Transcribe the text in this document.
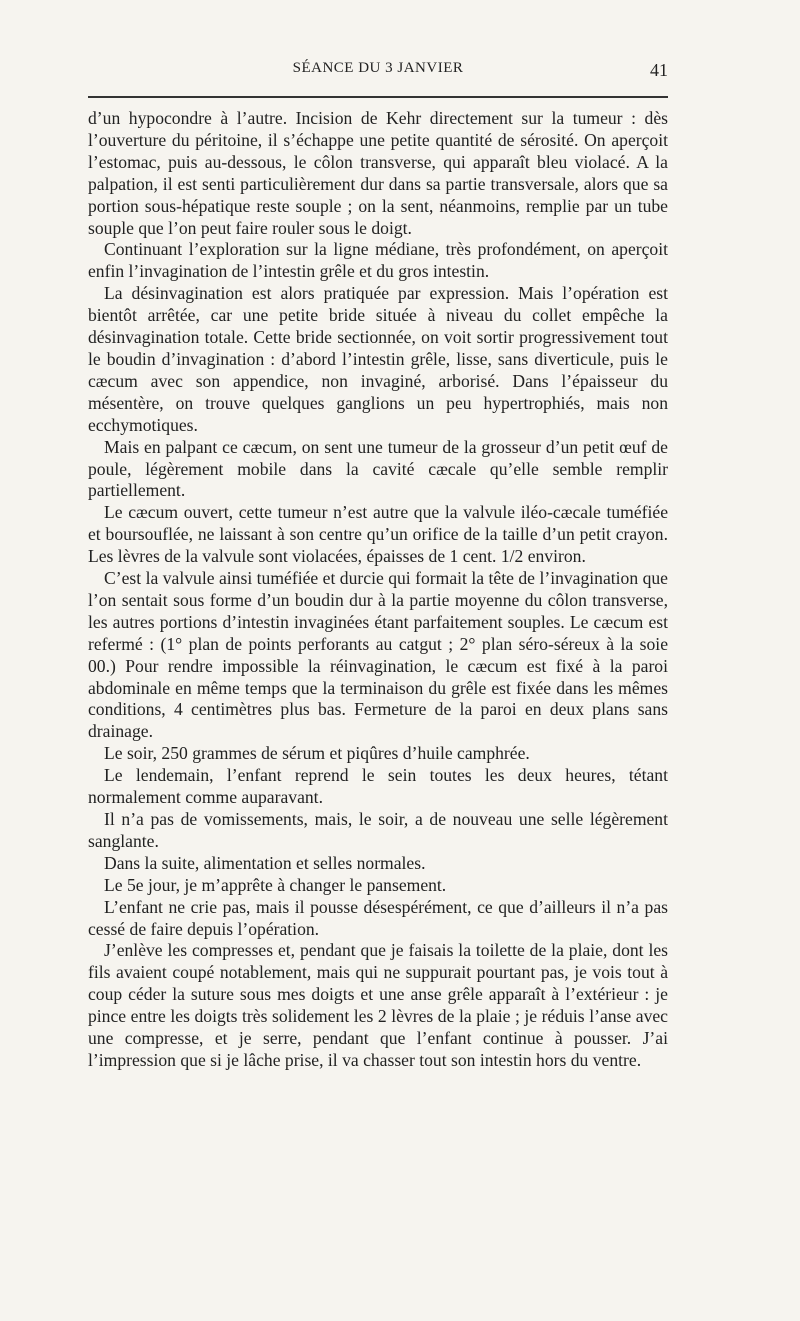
SÉANCE DU 3 JANVIER	41

d’un hypocondre à l’autre. Incision de Kehr directement sur la tumeur : dès l’ouverture du péritoine, il s’échappe une petite quantité de sérosité. On aperçoit l’estomac, puis au-dessous, le côlon transverse, qui apparaît bleu violacé. A la palpation, il est senti particulièrement dur dans sa partie transversale, alors que sa portion sous-hépatique reste souple ; on la sent, néanmoins, remplie par un tube souple que l’on peut faire rouler sous le doigt.

Continuant l’exploration sur la ligne médiane, très profondément, on aperçoit enfin l’invagination de l’intestin grêle et du gros intestin.

La désinvagination est alors pratiquée par expression. Mais l’opération est bientôt arrêtée, car une petite bride située à niveau du collet empêche la désinvagination totale. Cette bride sectionnée, on voit sortir progressivement tout le boudin d’invagination : d’abord l’intestin grêle, lisse, sans diverticule, puis le cæcum avec son appendice, non invaginé, arborisé. Dans l’épaisseur du mésentère, on trouve quelques ganglions un peu hypertrophiés, mais non ecchymotiques.

Mais en palpant ce cæcum, on sent une tumeur de la grosseur d’un petit œuf de poule, légèrement mobile dans la cavité cæcale qu’elle semble remplir partiellement.

Le cæcum ouvert, cette tumeur n’est autre que la valvule iléo-cæcale tuméfiée et boursouflée, ne laissant à son centre qu’un orifice de la taille d’un petit crayon. Les lèvres de la valvule sont violacées, épaisses de 1 cent. 1/2 environ.

C’est la valvule ainsi tuméfiée et durcie qui formait la tête de l’invagination que l’on sentait sous forme d’un boudin dur à la partie moyenne du côlon transverse, les autres portions d’intestin invaginées étant parfaitement souples. Le cæcum est refermé : (1° plan de points perforants au catgut ; 2° plan séro-séreux à la soie 00.) Pour rendre impossible la réinvagination, le cæcum est fixé à la paroi abdominale en même temps que la terminaison du grêle est fixée dans les mêmes conditions, 4 centimètres plus bas. Fermeture de la paroi en deux plans sans drainage.

Le soir, 250 grammes de sérum et piqûres d’huile camphrée.

Le lendemain, l’enfant reprend le sein toutes les deux heures, tétant normalement comme auparavant.

Il n’a pas de vomissements, mais, le soir, a de nouveau une selle légèrement sanglante.

Dans la suite, alimentation et selles normales.

Le 5e jour, je m’apprête à changer le pansement.

L’enfant ne crie pas, mais il pousse désespérément, ce que d’ailleurs il n’a pas cessé de faire depuis l’opération.

J’enlève les compresses et, pendant que je faisais la toilette de la plaie, dont les fils avaient coupé notablement, mais qui ne suppurait pourtant pas, je vois tout à coup céder la suture sous mes doigts et une anse grêle apparaît à l’extérieur : je pince entre les doigts très solidement les 2 lèvres de la plaie ; je réduis l’anse avec une compresse, et je serre, pendant que l’enfant continue à pousser. J’ai l’impression que si je lâche prise, il va chasser tout son intestin hors du ventre.
